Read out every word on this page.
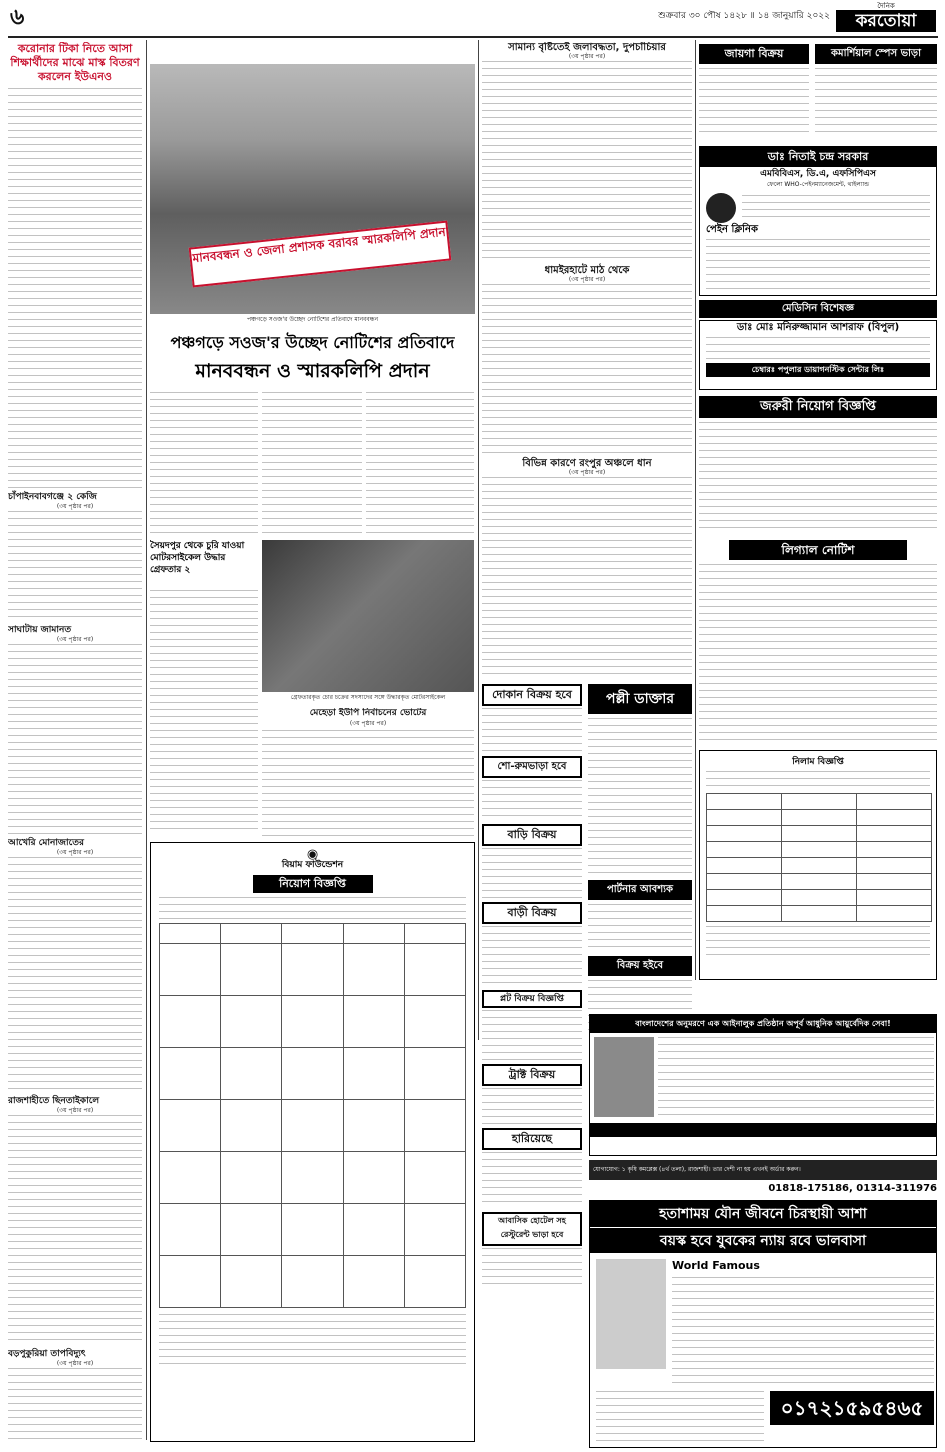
৬	শুক্রবার ৩০ পৌষ ১৪২৮ ॥ ১৪ জানুয়ারি ২০২২
দৈনিক
করতোয়া
করোনার টিকা নিতে আসা শিক্ষার্থীদের মাঝে মাস্ক বিতরণ করলেন ইউএনও
চাঁপাইনবাবগঞ্জে ২ কেজি
(৩য় পৃষ্ঠার পর)
সাঘাটায় জামানত
(৩য় পৃষ্ঠার পর)
আখেরি মোনাজাতের
(৩য় পৃষ্ঠার পর)
রাজশাহীতে ছিনতাইকালে
(৩য় পৃষ্ঠার পর)
বড়পুকুরিয়া তাপবিদ্যুৎ
(৩য় পৃষ্ঠার পর)
মানববন্ধন ও জেলা প্রশাসক বরাবর স্মারকলিপি প্রদান
পঞ্চগড়ে সওজ'র উচ্ছেদ নোটিশের প্রতিবাদে মানববন্ধন
পঞ্চগড়ে সওজ'র উচ্ছেদ নোটিশের প্রতিবাদে
মানববন্ধন ও স্মারকলিপি প্রদান
সৈয়দপুর থেকে চুরি যাওয়া মোটরসাইকেল উদ্ধার গ্রেফতার ২
গ্রেফতারকৃত চোর চক্রের সদস্যদের সঙ্গে উদ্ধারকৃত মোটরসাইকেল
মেহেড়া ইউপি নির্বাচনের ভোটের
(৩য় পৃষ্ঠার পর)
◉
বিয়াম ফাউন্ডেশন
নিয়োগ বিজ্ঞপ্তি

সামান্য বৃষ্টিতেই জলাবদ্ধতা, দুপচাঁচিয়ার
(৩য় পৃষ্ঠার পর)
ধামইরহাটে মাঠ থেকে
(৩য় পৃষ্ঠার পর)
বিভিন্ন কারণে রংপুর অঞ্চলে ধান
(৩য় পৃষ্ঠার পর)
দোকান বিক্রয় হবে	পল্লী ডাক্তার
শো-রুমভাড়া হবে
বাড়ি বিক্রয়
পার্টনার আবশ্যক
বিক্রয় হইবে
বাড়ী বিক্রয়
প্লট বিক্রয় বিজ্ঞপ্তি
ট্রাক্ট বিক্রয়
হারিয়েছে
আবাসিক হোটেল সহ রেস্টুরেন্ট ভাড়া হবে
জায়গা বিক্রয়	কমার্শিয়াল স্পেস ভাড়া
ডাঃ নিতাই চন্দ্র সরকার
এমবিবিএস, ডি.এ, এফসিপিএস
ফেলো WHO-পেইনম্যানেজমেন্ট, থাইল্যান্ড
পেইন ক্লিনিক
মেডিসিন বিশেষজ্ঞ
ডাঃ মোঃ মনিরুজ্জামান আশরাফ (বিপুল)
চেম্বারঃ পপুলার ডায়াগনস্টিক সেন্টার লিঃ
জরুরী নিয়োগ বিজ্ঞপ্তি
লিগ্যাল নোটিশ
নিলাম বিজ্ঞপ্তি

বাংলাদেশের অনুমরণে এক আইনালুক প্রতিষ্ঠান অপূর্ব আধুনিক আয়ুর্বেদিক সেবা!
যোগাযোগ: ১ কৃষি কমপ্লেক্স (৪র্থ তলা), রাজশাহী। তার দেশী না হয় এখনই অর্ডার করুন।
01818-175186, 01314-311976
হতাশাময় যৌন জীবনে চিরস্থায়ী আশা
বয়স্ক হবে যুবকের ন্যায় রবে ভালবাসা
World Famous
০১৭২১৫৯৫৪৬৫
